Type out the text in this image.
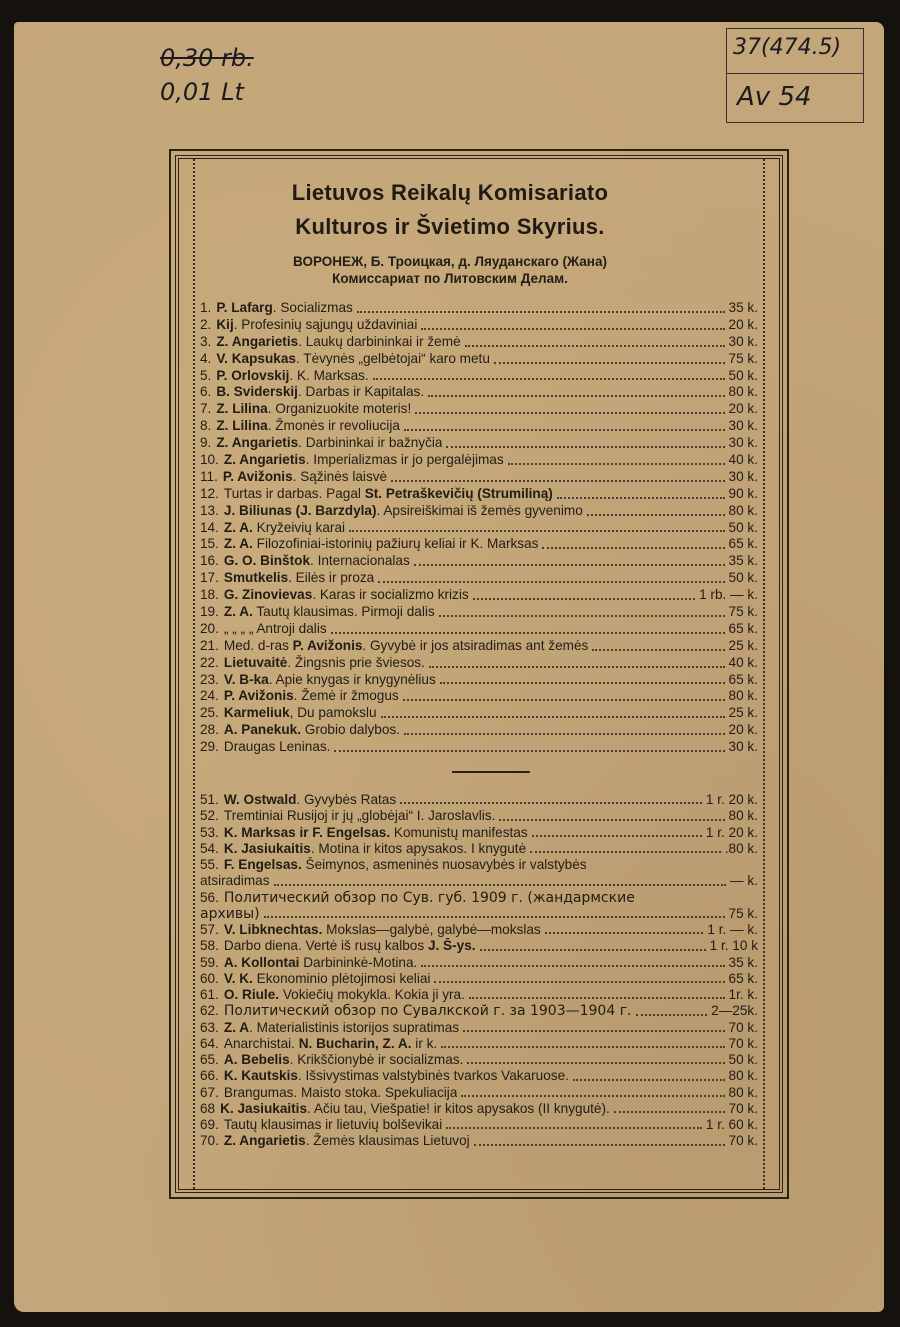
0,30 rb.
0,01 Lt
37(474.5)
Av 54
Lietuvos Reikalų Komisariato
Kulturos ir Švietimo Skyrius.
ВОРОНЕЖ, Б. Троицкая, д. Ляуданскаго (Жана)
Комиссариат по Литовским Делам.
1. P. Lafarg. Socializmas	35 k.
2. Kij. Profesinių sąjungų uždaviniai	20 k.
3. Z. Angarietis. Laukų darbininkai ir žemė	30 k.
4. V. Kapsukas. Tėvynės „gelbėtojai“ karo metu	75 k.
5. P. Orlovskij. K. Marksas.	50 k.
6. B. Sviderskij. Darbas ir Kapitalas.	80 k.
7. Z. Lilina. Organizuokite moteris!	20 k.
8. Z. Lilina. Žmonės ir revoliucija	30 k.
9. Z. Angarietis. Darbininkai ir bažnyčia	30 k.
10. Z. Angarietis. Imperializmas ir jo pergalėjimas	40 k.
11. P. Avižonis. Sąžinės laisvė	30 k.
12. Turtas ir darbas. Pagal St. Petraškevičių (Strumiliną)	90 k.
13. J. Biliunas (J. Barzdyla). Apsireiškimai iš žemės gyvenimo	80 k.
14. Z. A. Kryžeivių karai	50 k.
15. Z. A. Filozofiniai-istorinių pažiurų keliai ir K. Marksas	65 k.
16. G. O. Binštok. Internacionalas	35 k.
17. Smutkelis. Eilės ir proza	50 k.
18. G. Zinovievas. Karas ir socializmo krizis	1 rb. — k.
19. Z. A. Tautų klausimas. Pirmoji dalis	75 k.
20. „ „ „ „ Antroji dalis	65 k.
21. Med. d-ras P. Avižonis. Gyvybė ir jos atsiradimas ant žemės	25 k.
22. Lietuvaitė. Žingsnis prie šviesos.	40 k.
23. V. B-ka. Apie knygas ir knygynėlius	65 k.
24. P. Avižonis. Žemė ir žmogus	80 k.
25. Karmeliuk, Du pamokslu	25 k.
28. A. Panekuk. Grobio dalybos.	20 k.
29. Draugas Leninas.	30 k.
51. W. Ostwald. Gyvybės Ratas	1 r. 20 k.
52. Tremtiniai Rusijoj ir jų „globėjai“ I. Jaroslavlis.	80 k.
53. K. Marksas ir F. Engelsas. Komunistų manifestas	1 r. 20 k.
54. K. Jasiukaitis. Motina ir kitos apysakos. I knygutė	.80 k.
55. F. Engelsas. Šeimynos, asmeninės nuosavybės ir valstybės
atsiradimas	— k.
56. Политический обзор по Сув. губ. 1909 г. (жандармские
архивы)	75 k.
57. V. Libknechtas. Mokslas—galybė, galybė—mokslas	1 r. — k.
58. Darbo diena. Vertė iš rusų kalbos J. Š-ys.	1 r. 10 k
59. A. Kollontai Darbininkė-Motina.	35 k.
60. V. K. Ekonominio plėtojimosi keliai	65 k.
61. O. Riule. Vokiečių mokykla. Kokia ji yra.	1r. k.
62. Политический обзор по Сувалкской г. за 1903—1904 г.	2—25k.
63. Z. A. Materialistinis istorijos supratimas	70 k.
64. Anarchistai. N. Bucharin, Z. A. ir k.	70 k.
65. A. Bebelis. Krikščionybė ir socializmas.	50 k.
66. K. Kautskis. Išsivystimas valstybinės tvarkos Vakaruose.	80 k.
67. Brangumas. Maisto stoka. Spekuliacija	80 k.
68 K. Jasiukaitis. Ačiu tau, Viešpatie! ir kitos apysakos (II knygutė).	70 k.
69. Tautų klausimas ir lietuvių bolševikai	1 r. 60 k.
70. Z. Angarietis. Žemės klausimas Lietuvoj	70 k.
